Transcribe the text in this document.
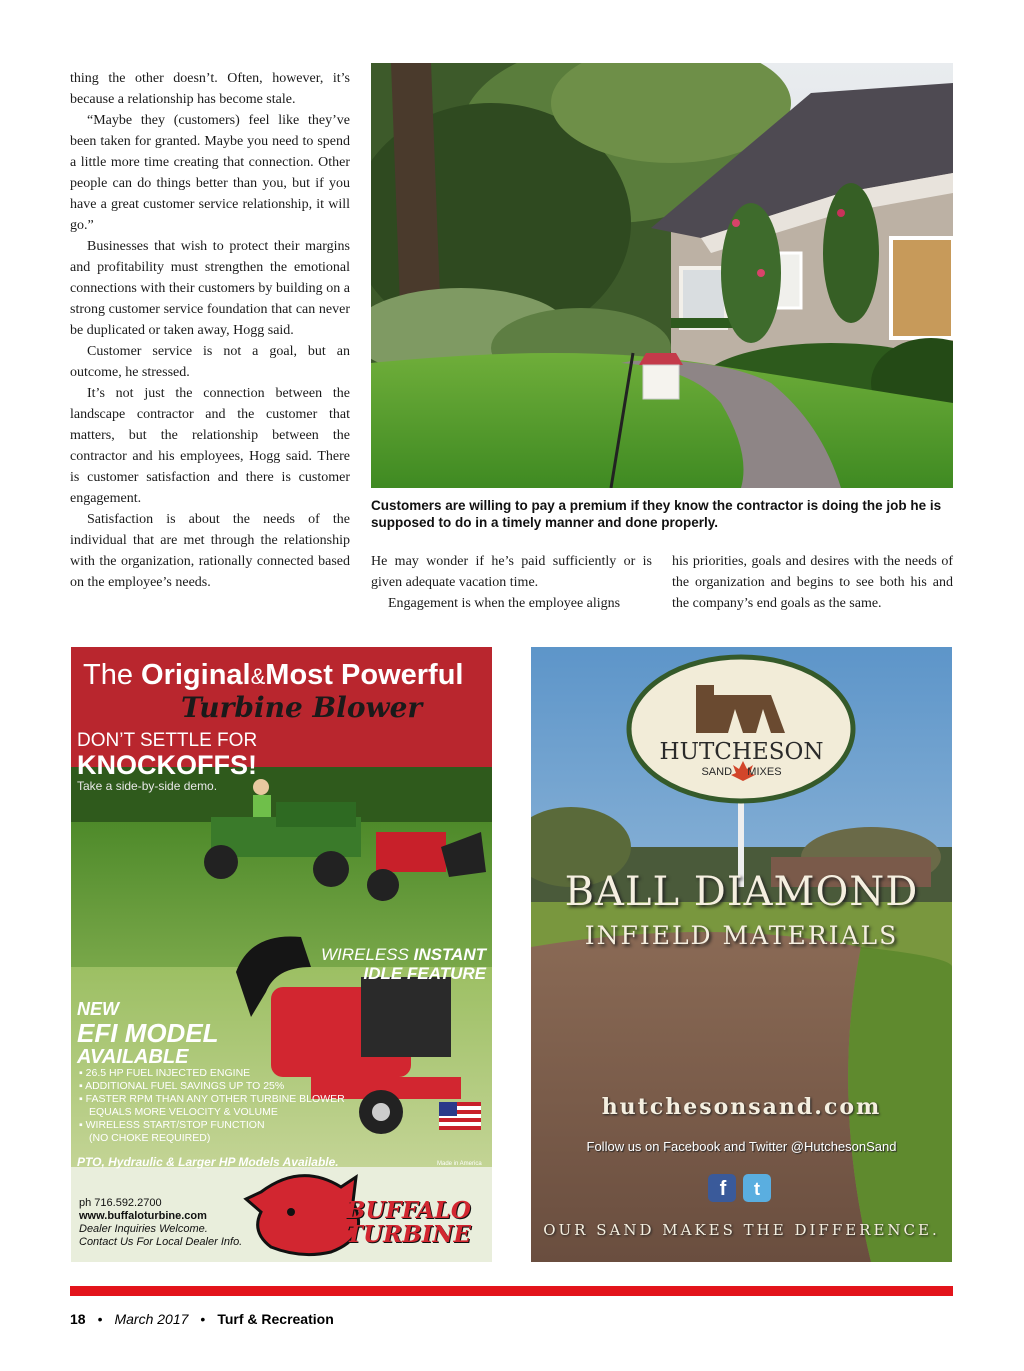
thing the other doesn’t. Often, however, it’s because a relationship has become stale.

“Maybe they (customers) feel like they’ve been taken for granted. Maybe you need to spend a little more time creating that connection. Other people can do things better than you, but if you have a great customer service relationship, it will go.”

Businesses that wish to protect their margins and profitability must strengthen the emotional connections with their customers by building on a strong customer service foundation that can never be duplicated or taken away, Hogg said.

Customer service is not a goal, but an outcome, he stressed.

It’s not just the connection between the landscape contractor and the customer that matters, but the relationship between the contractor and his employees, Hogg said. There is customer satisfaction and there is customer engagement.

Satisfaction is about the needs of the individual that are met through the relationship with the organization, rationally connected based on the employee’s needs.

Customers are willing to pay a premium if they know the contractor is doing the job he is supposed to do in a timely manner and done properly.

He may wonder if he’s paid sufficiently or is given adequate vacation time.

Engagement is when the employee aligns

his priorities, goals and desires with the needs of the organization and begins to see both his and the company’s end goals as the same.

The Original&Most Powerful
Turbine Blower
DON’T SETTLE FOR
KNOCKOFFS!
Take a side-by-side demo.
WIRELESS INSTANT
IDLE FEATURE
NEW
EFI MODEL
AVAILABLE
▪ 26.5 HP FUEL INJECTED ENGINE
▪ ADDITIONAL FUEL SAVINGS UP TO 25%
▪ FASTER RPM THAN ANY OTHER TURBINE BLOWER
EQUALS MORE VELOCITY & VOLUME
▪ WIRELESS START/STOP FUNCTION
(NO CHOKE REQUIRED)
PTO, Hydraulic & Larger HP Models Available.	Made in America
ph 716.592.2700
www.buffaloturbine.com
Dealer Inquiries Welcome.
Contact Us For Local Dealer Info.
BUFFALO
TURBINE
HUTCHESON
SAND MIXES
BALL DIAMOND
INFIELD MATERIALS
hutchesonsand.com
Follow us on Facebook and Twitter @HutchesonSand
f	t
OUR SAND MAKES THE DIFFERENCE.
18 • March 2017 • Turf & Recreation
